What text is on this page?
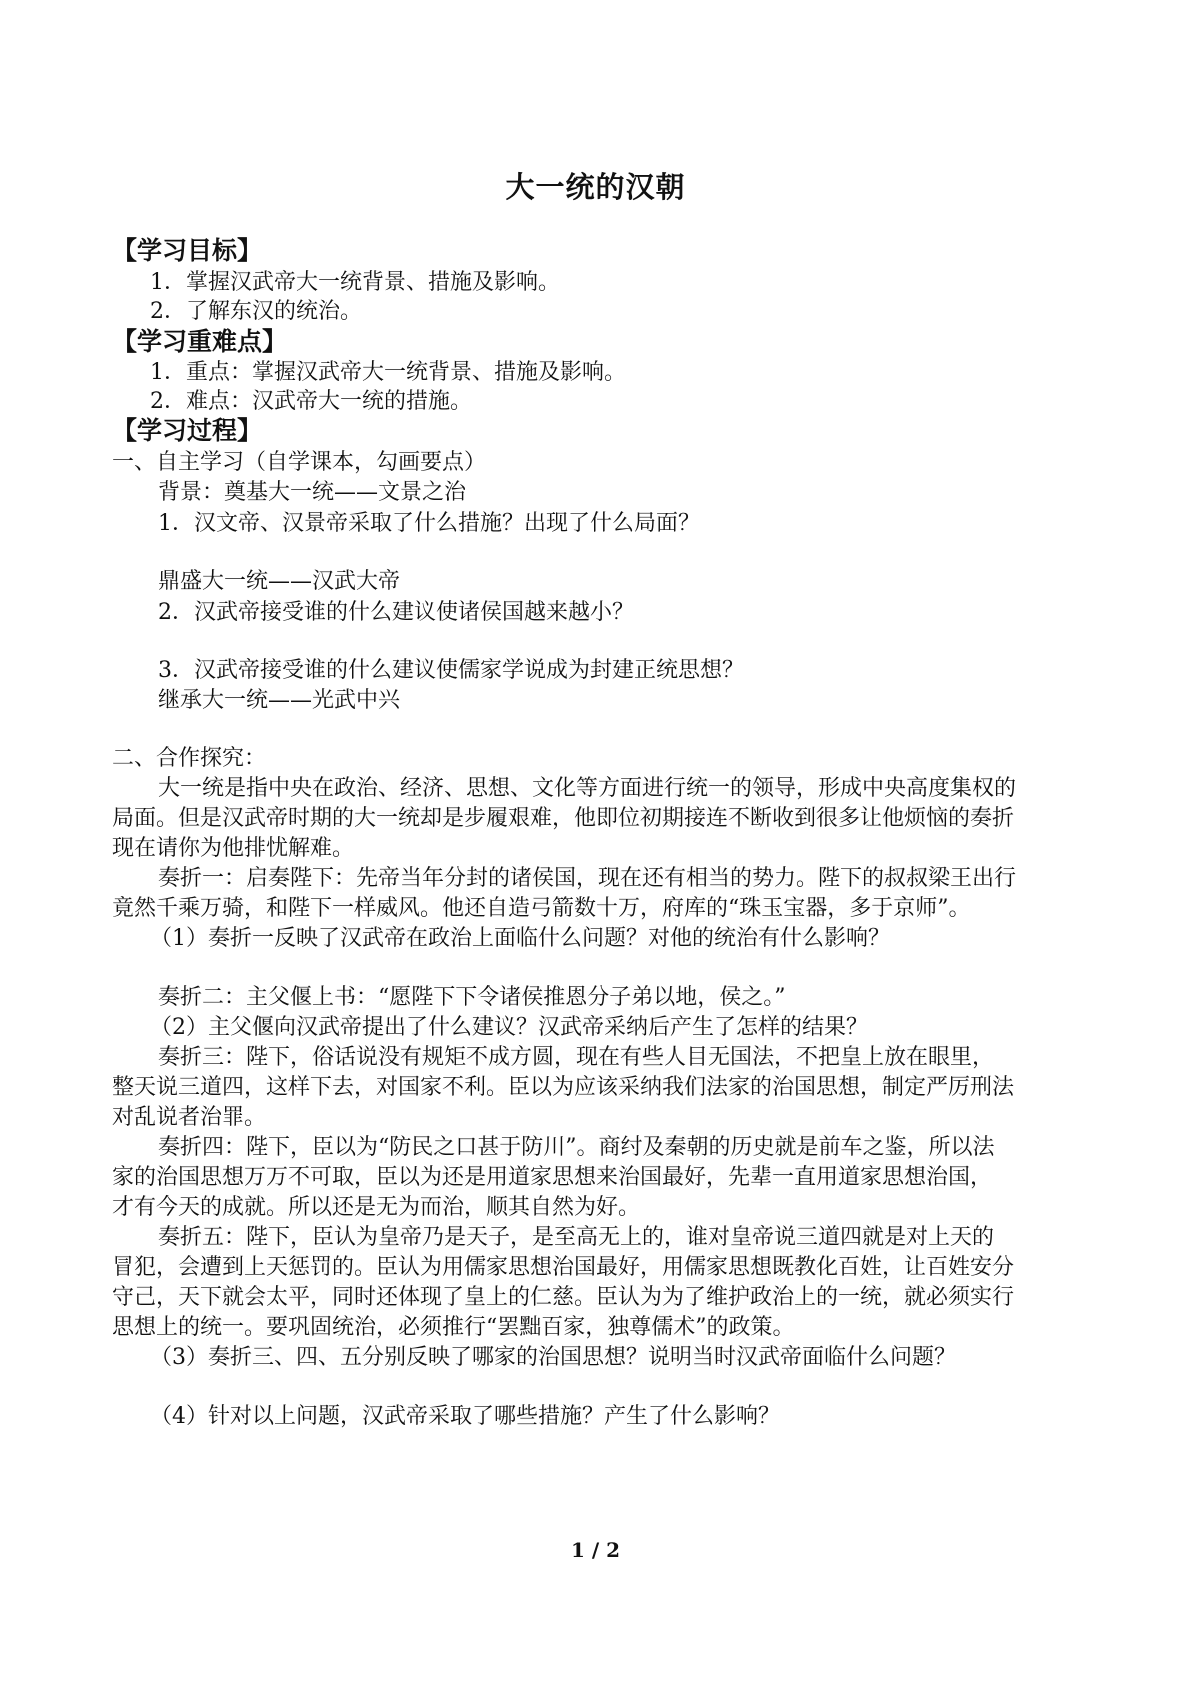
大一统的汉朝
【学习目标】
1．掌握汉武帝大一统背景、措施及影响。
2．了解东汉的统治。
【学习重难点】
1．重点：掌握汉武帝大一统背景、措施及影响。
2．难点：汉武帝大一统的措施。
【学习过程】
一、自主学习（自学课本，勾画要点）
背景：奠基大一统——文景之治
1．汉文帝、汉景帝采取了什么措施？出现了什么局面？
鼎盛大一统——汉武大帝
2．汉武帝接受谁的什么建议使诸侯国越来越小？
3．汉武帝接受谁的什么建议使儒家学说成为封建正统思想？
继承大一统——光武中兴
二、合作探究：
大一统是指中央在政治、经济、思想、文化等方面进行统一的领导，形成中央高度集权的
局面。但是汉武帝时期的大一统却是步履艰难，他即位初期接连不断收到很多让他烦恼的奏折
现在请你为他排忧解难。
奏折一：启奏陛下：先帝当年分封的诸侯国，现在还有相当的势力。陛下的叔叔梁王出行
竟然千乘万骑，和陛下一样威风。他还自造弓箭数十万，府库的“珠玉宝器，多于京师”。
（1）奏折一反映了汉武帝在政治上面临什么问题？对他的统治有什么影响？
奏折二：主父偃上书：“愿陛下下令诸侯推恩分子弟以地，侯之。”
（2）主父偃向汉武帝提出了什么建议？汉武帝采纳后产生了怎样的结果？
奏折三：陛下，俗话说没有规矩不成方圆，现在有些人目无国法，不把皇上放在眼里，
整天说三道四，这样下去，对国家不利。臣以为应该采纳我们法家的治国思想，制定严厉刑法
对乱说者治罪。
奏折四：陛下，臣以为“防民之口甚于防川”。商纣及秦朝的历史就是前车之鉴，所以法
家的治国思想万万不可取，臣以为还是用道家思想来治国最好，先辈一直用道家思想治国，
才有今天的成就。所以还是无为而治，顺其自然为好。
奏折五：陛下，臣认为皇帝乃是天子，是至高无上的，谁对皇帝说三道四就是对上天的
冒犯，会遭到上天惩罚的。臣认为用儒家思想治国最好，用儒家思想既教化百姓，让百姓安分
守己，天下就会太平，同时还体现了皇上的仁慈。臣认为为了维护政治上的一统，就必须实行
思想上的统一。要巩固统治，必须推行“罢黜百家，独尊儒术”的政策。
（3）奏折三、四、五分别反映了哪家的治国思想？说明当时汉武帝面临什么问题？
（4）针对以上问题，汉武帝采取了哪些措施？产生了什么影响？
1 / 2
